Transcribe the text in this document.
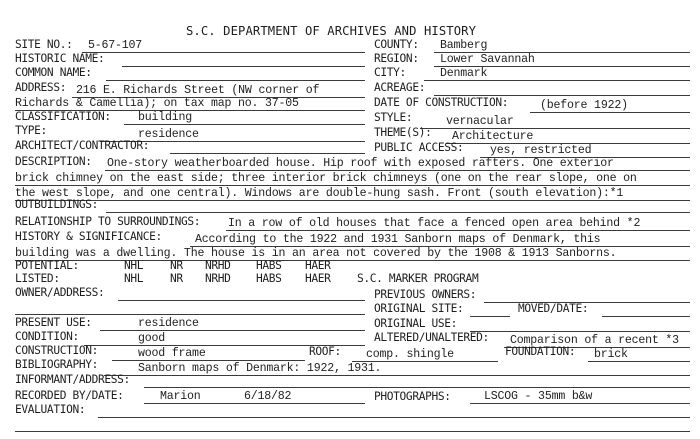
S.C. DEPARTMENT OF ARCHIVES AND HISTORY
SITE NO.: 5-67-107	COUNTY: Bamberg
HISTORIC NAME:	REGION: Lower Savannah
COMMON NAME:	CITY:	Denmark
ADDRESS: 216 E. Richards Street (NW corner of	ACREAGE:
Richards & Camellia); on tax map no. 37-05	DATE OF CONSTRUCTION:	(before 1922)
CLASSIFICATION: building	STYLE:	vernacular
TYPE:	residence	THEME(S): Architecture
ARCHITECT/CONTRACTOR:	PUBLIC ACCESS: yes, restricted
DESCRIPTION: One-story weatherboarded house. Hip roof with exposed rafters. One exterior
brick chimney on the east side; three interior brick chimneys (one on the rear slope, one on
the west slope, and one central). Windows are double-hung sash. Front (south elevation):*1
OUTBUILDINGS:
RELATIONSHIP TO SURROUNDINGS: In a row of old houses that face a fenced open area behind *2
HISTORY & SIGNIFICANCE:	According to the 1922 and 1931 Sanborn maps of Denmark, this
building was a dwelling. The house is in an area not covered by the 1908 & 1913 Sanborns.
POTENTIAL:	NHL NR NRHD HABS HAER
LISTED:	NHL NR NRHD HABS HAER S.C. MARKER PROGRAM
OWNER/ADDRESS:	PREVIOUS OWNERS:
ORIGINAL SITE:	MOVED/DATE:
PRESENT USE:	residence	ORIGINAL USE:
CONDITION:	good	ALTERED/UNALTERED: Comparison of a recent *3
CONSTRUCTION:	wood frame	ROOF: comp. shingle	FOUNDATION: brick
BIBLIOGRAPHY:	Sanborn maps of Denmark: 1922, 1931.
INFORMANT/ADDRESS:
RECORDED BY/DATE:	Marion	6/18/82	PHOTOGRAPHS:	LSCOG - 35mm b&w
EVALUATION:
